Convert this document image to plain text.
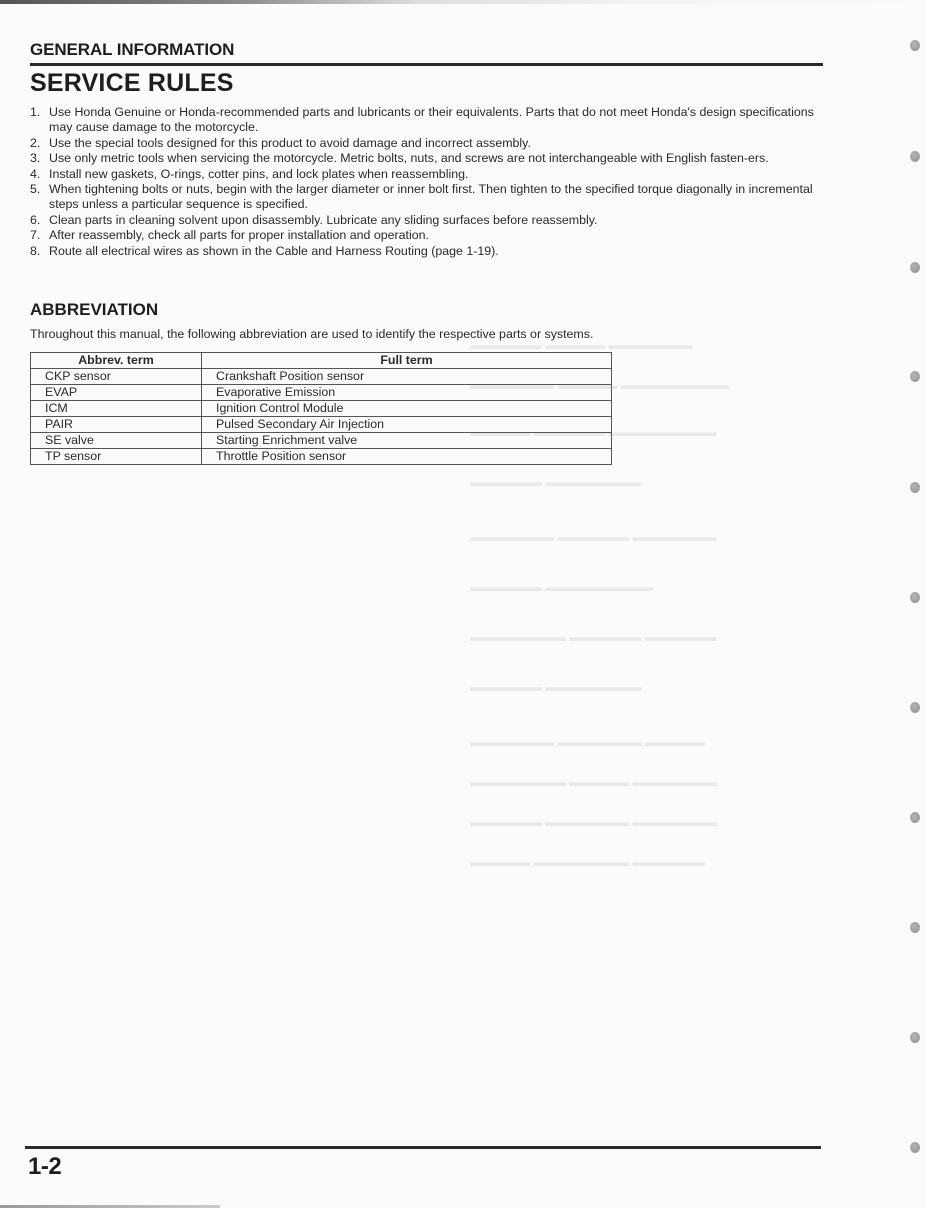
▬▬▬▬▬▬ ▬▬▬▬▬ ▬▬▬▬▬▬▬
▬▬▬▬▬▬▬ ▬▬▬▬▬ ▬▬▬▬▬▬▬▬▬
▬▬▬▬▬ ▬▬▬▬▬▬ ▬▬▬▬▬▬▬▬▬
▬▬▬▬▬▬ ▬▬▬▬▬▬▬▬
▬▬▬▬▬▬▬ ▬▬▬▬▬▬ ▬▬▬▬▬▬▬
▬▬▬▬▬▬ ▬▬▬▬▬▬▬▬▬
▬▬▬▬▬▬▬▬ ▬▬▬▬▬▬ ▬▬▬▬▬▬
▬▬▬▬▬▬ ▬▬▬▬▬▬▬▬
▬▬▬▬▬▬▬ ▬▬▬▬▬▬▬ ▬▬▬▬▬
▬▬▬▬▬▬▬▬ ▬▬▬▬▬ ▬▬▬▬▬▬▬
▬▬▬▬▬▬ ▬▬▬▬▬▬▬ ▬▬▬▬▬▬▬
▬▬▬▬▬ ▬▬▬▬▬▬▬▬ ▬▬▬▬▬▬
GENERAL INFORMATION
SERVICE RULES
1. Use Honda Genuine or Honda-recommended parts and lubricants or their equivalents. Parts that do not meet Honda's design specifications may cause damage to the motorcycle.
2. Use the special tools designed for this product to avoid damage and incorrect assembly.
3. Use only metric tools when servicing the motorcycle. Metric bolts, nuts, and screws are not interchangeable with English fasten-ers.
4. Install new gaskets, O-rings, cotter pins, and lock plates when reassembling.
5. When tightening bolts or nuts, begin with the larger diameter or inner bolt first. Then tighten to the specified torque diagonally in incremental steps unless a particular sequence is specified.
6. Clean parts in cleaning solvent upon disassembly. Lubricate any sliding surfaces before reassembly.
7. After reassembly, check all parts for proper installation and operation.
8. Route all electrical wires as shown in the Cable and Harness Routing (page 1-19).
ABBREVIATION
Throughout this manual, the following abbreviation are used to identify the respective parts or systems.
Abbrev. term	Full term
CKP sensor	Crankshaft Position sensor
EVAP	Evaporative Emission
ICM	Ignition Control Module
PAIR	Pulsed Secondary Air Injection
SE valve	Starting Enrichment valve
TP sensor	Throttle Position sensor
1-2
